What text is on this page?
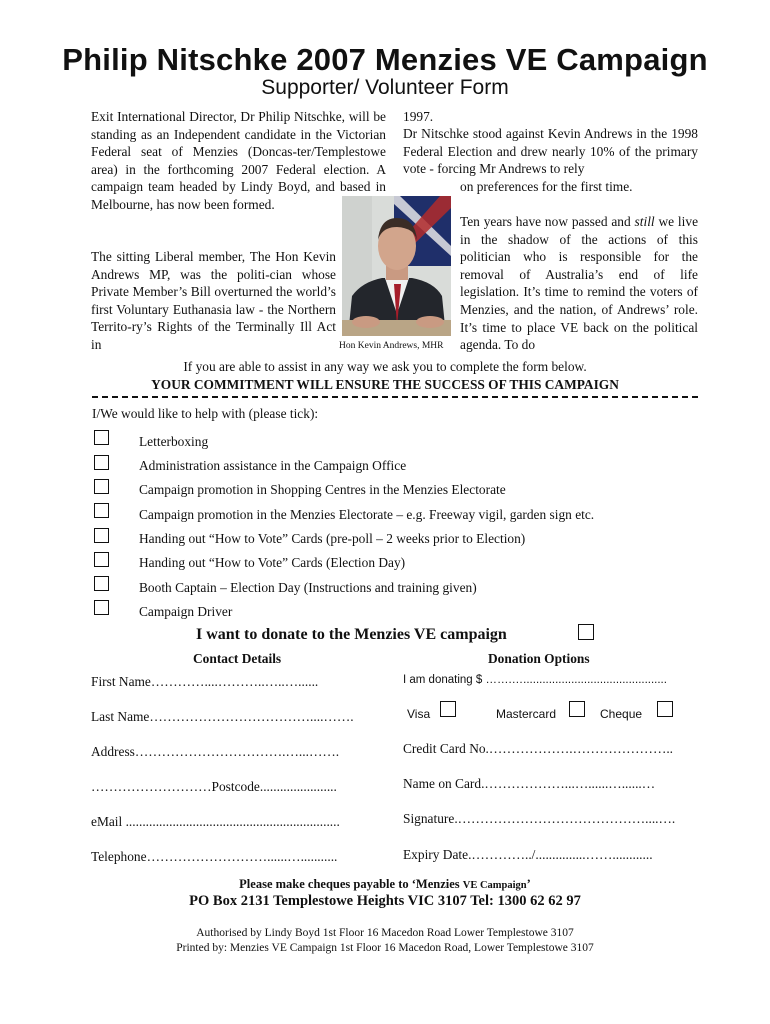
Philip Nitschke 2007 Menzies VE Campaign
Supporter/ Volunteer Form
Exit International Director, Dr Philip Nitschke, will be standing as an Independent candidate in the Victorian Federal seat of Menzies (Doncas-ter/Templestowe area) in the forthcoming 2007 Federal election. A campaign team headed by Lindy Boyd, and based in Melbourne, has now been formed.
The sitting Liberal member, The Hon Kevin Andrews MP, was the politi-cian whose Private Member’s Bill overturned the world’s first Voluntary Euthanasia law - the Northern Territo-ry’s Rights of the Terminally Ill Act in
1997.
Dr Nitschke stood against Kevin Andrews in the 1998 Federal Election and drew nearly 10% of the primary vote - forcing Mr Andrews to rely
on preferences for the first time.
Ten years have now passed and still we live in the shadow of the actions of this politician who is responsible for the removal of Australia’s end of life legislation. It’s time to remind the voters of Menzies, and the nation, of Andrews’ role. It’s time to place VE back on the political agenda. To do
Hon Kevin Andrews, MHR
If you are able to assist in any way we ask you to complete the form below.
YOUR COMMITMENT WILL ENSURE THE SUCCESS OF THIS CAMPAIGN
I/We would like to help with (please tick):
Letterboxing
Administration assistance in the Campaign Office
Campaign promotion in Shopping Centres in the Menzies Electorate
Campaign promotion in the Menzies Electorate – e.g. Freeway vigil, garden sign etc.
Handing out “How to Vote” Cards (pre-poll – 2 weeks prior to Election)
Handing out “How to Vote” Cards (Election Day)
Booth Captain – Election Day (Instructions and training given)
Campaign Driver
I want to donate to the Menzies VE campaign
Contact Details
First Name…………....………..…..…......
Last Name………………………………....…….
Address…………………………….…...…….
………………………Postcode.......................
eMail ................................................................
Telephone………………………......…...........
Donation Options
I am donating $ …….….............................................
Visa	Mastercard	Cheque
Credit Card No.……………….…………………..
Name on Card.………………...…......…......…
Signature.……………………………………....….
Expiry Date.…………../...............……............
Please make cheques payable to ‘Menzies VE Campaign’
PO Box 2131 Templestowe Heights VIC 3107 Tel: 1300 62 62 97
Authorised by Lindy Boyd 1st Floor 16 Macedon Road Lower Templestowe 3107
Printed by: Menzies VE Campaign 1st Floor 16 Macedon Road, Lower Templestowe 3107
